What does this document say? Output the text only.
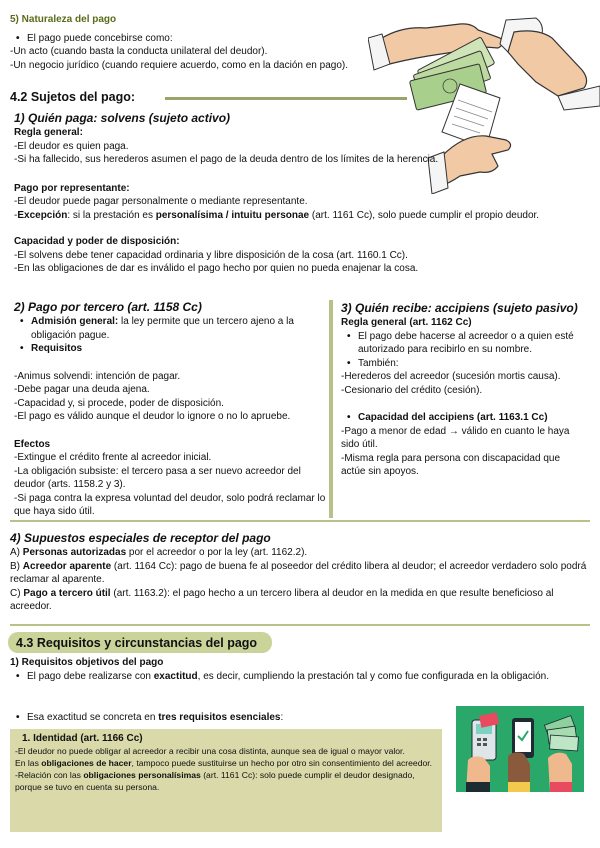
5) Naturaleza del pago

• El pago puede concebirse como:

-Un acto (cuando basta la conducta unilateral del deudor).

-Un negocio jurídico (cuando requiere acuerdo, como en la dación en pago).

4.2 Sujetos del pago:

1) Quién paga: solvens (sujeto activo)

Regla general:

-El deudor es quien paga.

-Si ha fallecido, sus herederos asumen el pago de la deuda dentro de los límites de la herencia.

Pago por representante:

-El deudor puede pagar personalmente o mediante representante.

-Excepción: si la prestación es personalísima / intuitu personae (art. 1161 Cc), solo puede cumplir el propio deudor.

Capacidad y poder de disposición:

-El solvens debe tener capacidad ordinaria y libre disposición de la cosa (art. 1160.1 Cc).

-En las obligaciones de dar es inválido el pago hecho por quien no pueda enajenar la cosa.

2) Pago por tercero (art. 1158 Cc)

• Admisión general: la ley permite que un tercero ajeno a la obligación pague.

• Requisitos

-Animus solvendi: intención de pagar.

-Debe pagar una deuda ajena.

-Capacidad y, si procede, poder de disposición.

-El pago es válido aunque el deudor lo ignore o no lo apruebe.

Efectos

-Extingue el crédito frente al acreedor inicial.

-La obligación subsiste: el tercero pasa a ser nuevo acreedor del deudor (arts. 1158.2 y 3).

-Si paga contra la expresa voluntad del deudor, solo podrá reclamar lo que haya sido útil.

3) Quién recibe: accipiens (sujeto pasivo)

Regla general (art. 1162 Cc)

• El pago debe hacerse al acreedor o a quien esté autorizado para recibirlo en su nombre.

• También:

-Herederos del acreedor (sucesión mortis causa).

-Cesionario del crédito (cesión).

• Capacidad del accipiens (art. 1163.1 Cc)

-Pago a menor de edad → válido en cuanto le haya sido útil.

-Misma regla para persona con discapacidad que actúe sin apoyos.

4) Supuestos especiales de receptor del pago

A) Personas autorizadas por el acreedor o por la ley (art. 1162.2).

B) Acreedor aparente (art. 1164 Cc): pago de buena fe al poseedor del crédito libera al deudor; el acreedor verdadero solo podrá reclamar al aparente.

C) Pago a tercero útil (art. 1163.2): el pago hecho a un tercero libera al deudor en la medida en que resulte beneficioso al acreedor.

4.3 Requisitos y circunstancias del pago

1) Requisitos objetivos del pago

• El pago debe realizarse con exactitud, es decir, cumpliendo la prestación tal y como fue configurada en la obligación.

• Esa exactitud se concreta en tres requisitos esenciales:

1. Identidad (art. 1166 Cc)

-El deudor no puede obligar al acreedor a recibir una cosa distinta, aunque sea de igual o mayor valor.

En las obligaciones de hacer, tampoco puede sustituirse un hecho por otro sin consentimiento del acreedor.

-Relación con las obligaciones personalísimas (art. 1161 Cc): solo puede cumplir el deudor designado, porque se tuvo en cuenta su persona.
